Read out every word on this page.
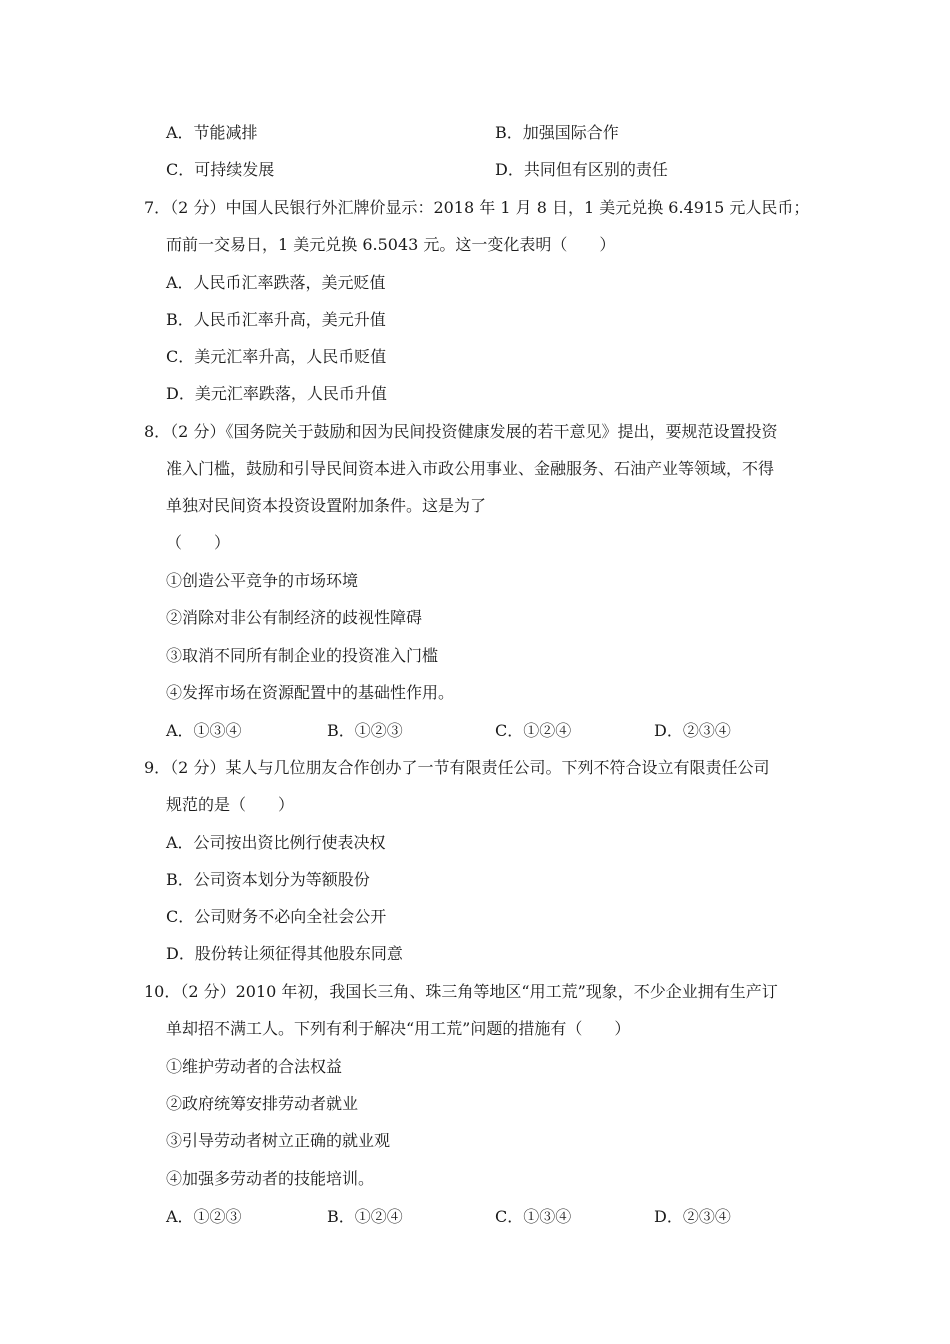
A．节能减排	B．加强国际合作
C．可持续发展	D．共同但有区别的责任
7．（2 分）中国人民银行外汇牌价显示：2018 年 1 月 8 日，1 美元兑换 6.4915 元人民币；
而前一交易日，1 美元兑换 6.5043 元。这一变化表明（　　）
A．人民币汇率跌落，美元贬值
B．人民币汇率升高，美元升值
C．美元汇率升高，人民币贬值
D．美元汇率跌落，人民币升值
8．（2 分）《国务院关于鼓励和因为民间投资健康发展的若干意见》提出，要规范设置投资
准入门槛，鼓励和引导民间资本进入市政公用事业、金融服务、石油产业等领域，不得
单独对民间资本投资设置附加条件。这是为了
（　　）
①创造公平竞争的市场环境
②消除对非公有制经济的歧视性障碍
③取消不同所有制企业的投资准入门槛
④发挥市场在资源配置中的基础性作用。
A．①③④	B．①②③	C．①②④	D．②③④
9．（2 分）某人与几位朋友合作创办了一节有限责任公司。下列不符合设立有限责任公司
规范的是（　　）
A．公司按出资比例行使表决权
B．公司资本划分为等额股份
C．公司财务不必向全社会公开
D．股份转让须征得其他股东同意
10．（2 分）2010 年初，我国长三角、珠三角等地区“用工荒”现象，不少企业拥有生产订
单却招不满工人。下列有利于解决“用工荒”问题的措施有（　　）
①维护劳动者的合法权益
②政府统筹安排劳动者就业
③引导劳动者树立正确的就业观
④加强多劳动者的技能培训。
A．①②③	B．①②④	C．①③④	D．②③④
